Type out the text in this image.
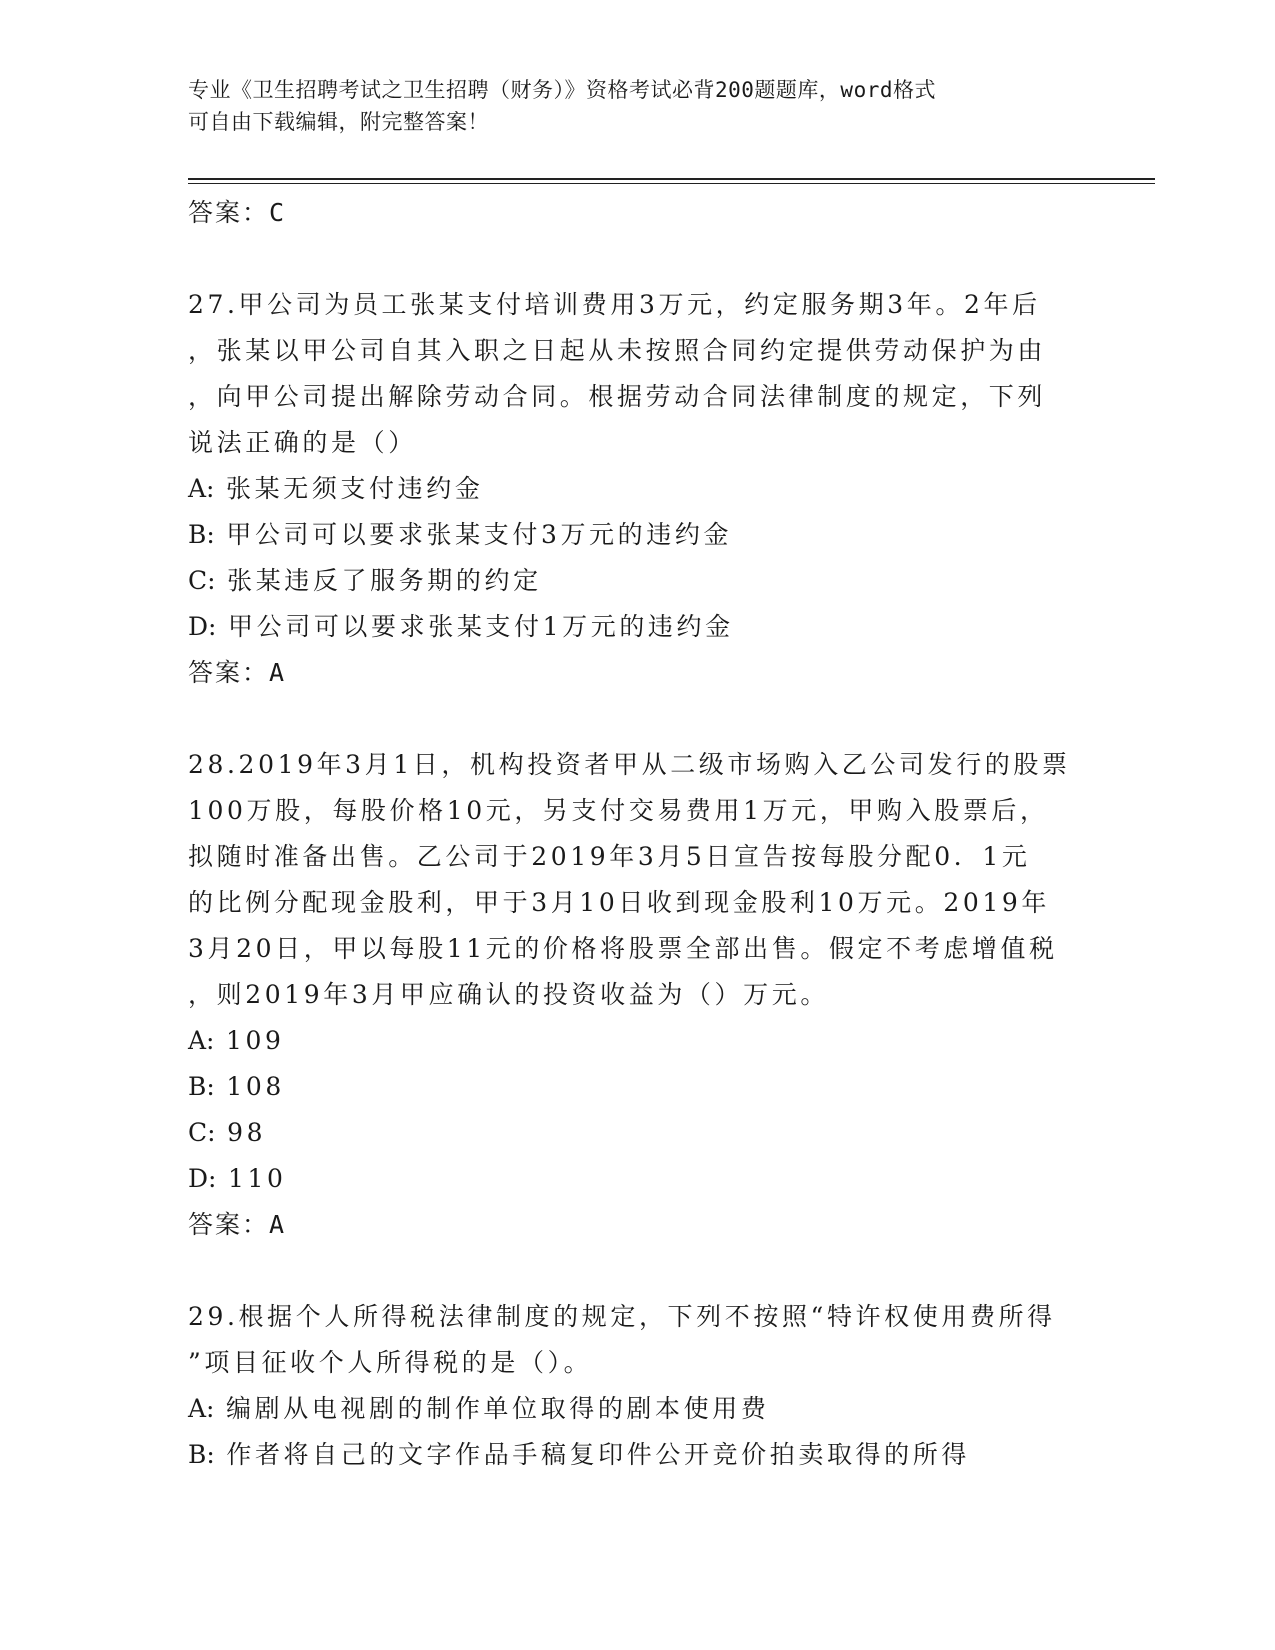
专业《卫生招聘考试之卫生招聘（财务）》资格考试必背200题题库，word格式
可自由下载编辑，附完整答案！
答案：C
27.甲公司为员工张某支付培训费用3万元，约定服务期3年。2年后
，张某以甲公司自其入职之日起从未按照合同约定提供劳动保护为由
，向甲公司提出解除劳动合同。根据劳动合同法律制度的规定，下列
说法正确的是（）
A: 张某无须支付违约金
B: 甲公司可以要求张某支付3万元的违约金
C: 张某违反了服务期的约定
D: 甲公司可以要求张某支付1万元的违约金
答案：A
28.2019年3月1日，机构投资者甲从二级市场购入乙公司发行的股票
100万股，每股价格10元，另支付交易费用1万元，甲购入股票后，
拟随时准备出售。乙公司于2019年3月5日宣告按每股分配0．1元
的比例分配现金股利，甲于3月10日收到现金股利10万元。2019年
3月20日，甲以每股11元的价格将股票全部出售。假定不考虑增值税
，则2019年3月甲应确认的投资收益为（）万元。
A: 109
B: 108
C: 98
D: 110
答案：A
29.根据个人所得税法律制度的规定，下列不按照“特许权使用费所得
”项目征收个人所得税的是（）。
A: 编剧从电视剧的制作单位取得的剧本使用费
B: 作者将自己的文字作品手稿复印件公开竞价拍卖取得的所得
